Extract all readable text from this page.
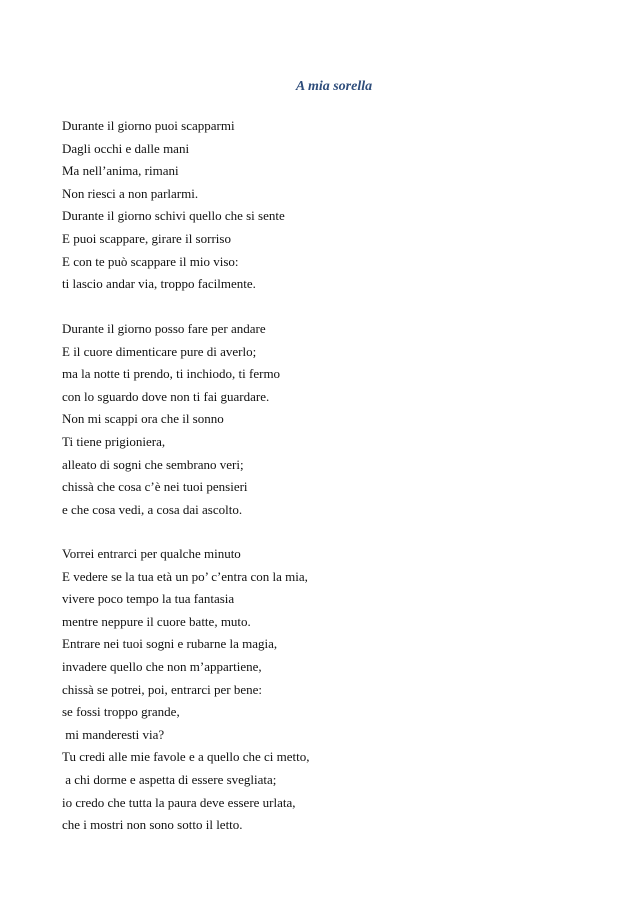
A mia sorella
Durante il giorno puoi scapparmi
Dagli occhi e dalle mani
Ma nell’anima, rimani
Non riesci a non parlarmi.
Durante il giorno schivi quello che si sente
E puoi scappare, girare il sorriso
E con te può scappare il mio viso:
ti lascio andar via, troppo facilmente.
Durante il giorno posso fare per andare
E il cuore dimenticare pure di averlo;
ma la notte ti prendo, ti inchiodo, ti fermo
con lo sguardo dove non ti fai guardare.
Non mi scappi ora che il sonno
Ti tiene prigioniera,
alleato di sogni che sembrano veri;
chissà che cosa c’è nei tuoi pensieri
e che cosa vedi, a cosa dai ascolto.
Vorrei entrarci per qualche minuto
E vedere se la tua età un po’ c’entra con la mia,
vivere poco tempo la tua fantasia
mentre neppure il cuore batte, muto.
Entrare nei tuoi sogni e rubarne la magia,
invadere quello che non m’appartiene,
chissà se potrei, poi, entrarci per bene:
se fossi troppo grande,
mi manderesti via?
Tu credi alle mie favole e a quello che ci metto,
a chi dorme e aspetta di essere svegliata;
io credo che tutta la paura deve essere urlata,
che i mostri non sono sotto il letto.
